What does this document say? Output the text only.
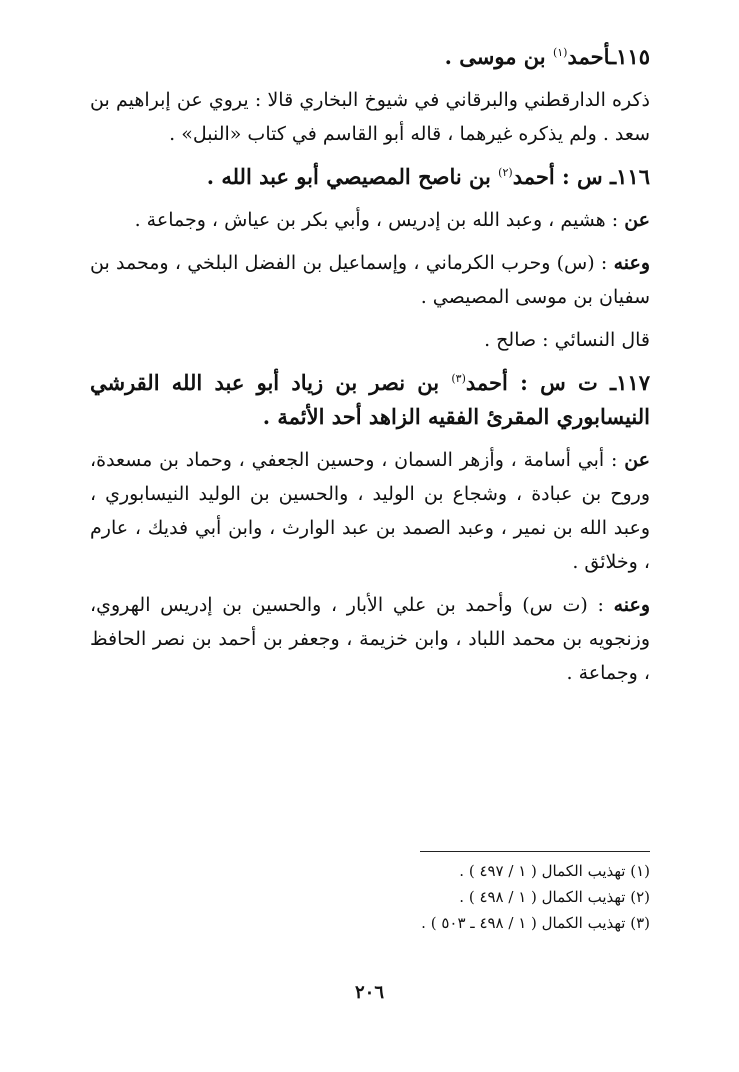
١١٥ـأحمد$^{(١)}$ بن موسى .

ذكره الدارقطني والبرقاني في شيوخ البخاري قالا : يروي عن إبراهيم بن سعد . ولم يذكره غيرهما ، قاله أبو القاسم في كتاب «النبل» .

١١٦ـ س : أحمد$^{(٢)}$ بن ناصح المصيصي أبو عبد الله .

عن : هشيم ، وعبد الله بن إدريس ، وأبي بكر بن عياش ، وجماعة .

وعنه : (س) وحرب الكرماني ، وإسماعيل بن الفضل البلخي ، ومحمد بن سفيان بن موسى المصيصي .

قال النسائي : صالح .

١١٧ـ ت س : أحمد$^{(٣)}$ بن نصر بن زياد أبو عبد الله القرشي النيسابوري المقرئ الفقيه الزاهد أحد الأئمة .

عن : أبي أسامة ، وأزهر السمان ، وحسين الجعفي ، وحماد بن مسعدة، وروح بن عبادة ، وشجاع بن الوليد ، والحسين بن الوليد النيسابوري ، وعبد الله بن نمير ، وعبد الصمد بن عبد الوارث ، وابن أبي فديك ، عارم ، وخلائق .

وعنه : (ت س) وأحمد بن علي الأبار ، والحسين بن إدريس الهروي، وزنجويه بن محمد اللباد ، وابن خزيمة ، وجعفر بن أحمد بن نصر الحافظ ، وجماعة .

(١) تهذيب الكمال ( ١ / ٤٩٧ ) .

(٢) تهذيب الكمال ( ١ / ٤٩٨ ) .

(٣) تهذيب الكمال ( ١ / ٤٩٨ ـ ٥٠٣ ) .

٢٠٦
